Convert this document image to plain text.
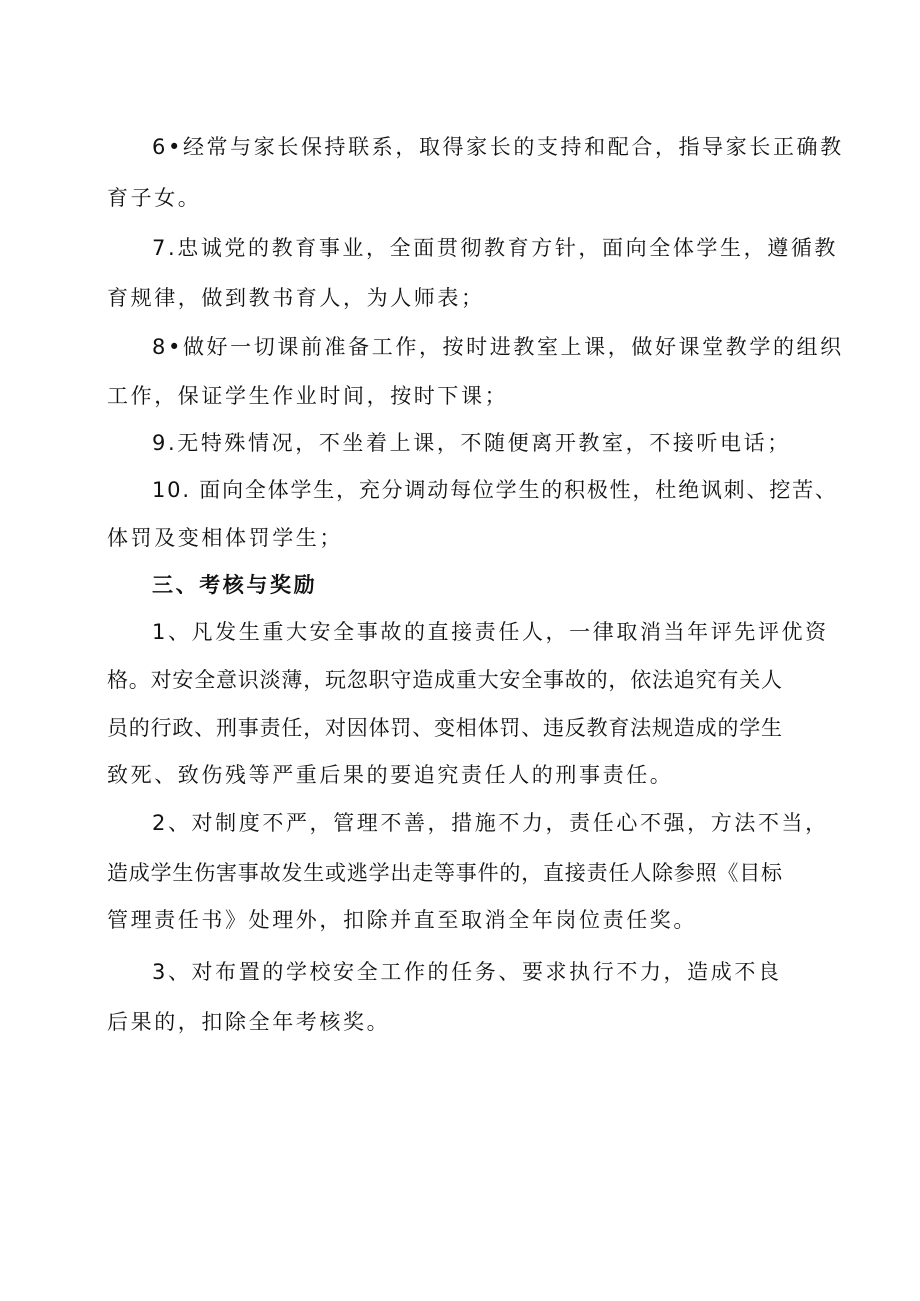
6•经常与家长保持联系，取得家长的支持和配合，指导家长正确教
育子女。
7.忠诚党的教育事业，全面贯彻教育方针，面向全体学生，遵循教
育规律，做到教书育人，为人师表；
8•做好一切课前准备工作，按时进教室上课，做好课堂教学的组织
工作，保证学生作业时间，按时下课；
9.无特殊情况，不坐着上课，不随便离开教室，不接听电话；
10. 面向全体学生，充分调动每位学生的积极性，杜绝讽刺、挖苦、
体罚及变相体罚学生；
三、考核与奖励
1、凡发生重大安全事故的直接责任人，一律取消当年评先评优资
格。对安全意识淡薄，玩忽职守造成重大安全事故的，依法追究有关人
员的行政、刑事责任，对因体罚、变相体罚、违反教育法规造成的学生
致死、致伤残等严重后果的要追究责任人的刑事责任。
2、对制度不严，管理不善，措施不力，责任心不强，方法不当，
造成学生伤害事故发生或逃学出走等事件的，直接责任人除参照《目标
管理责任书》处理外，扣除并直至取消全年岗位责任奖。
3、对布置的学校安全工作的任务、要求执行不力，造成不良
后果的，扣除全年考核奖。
